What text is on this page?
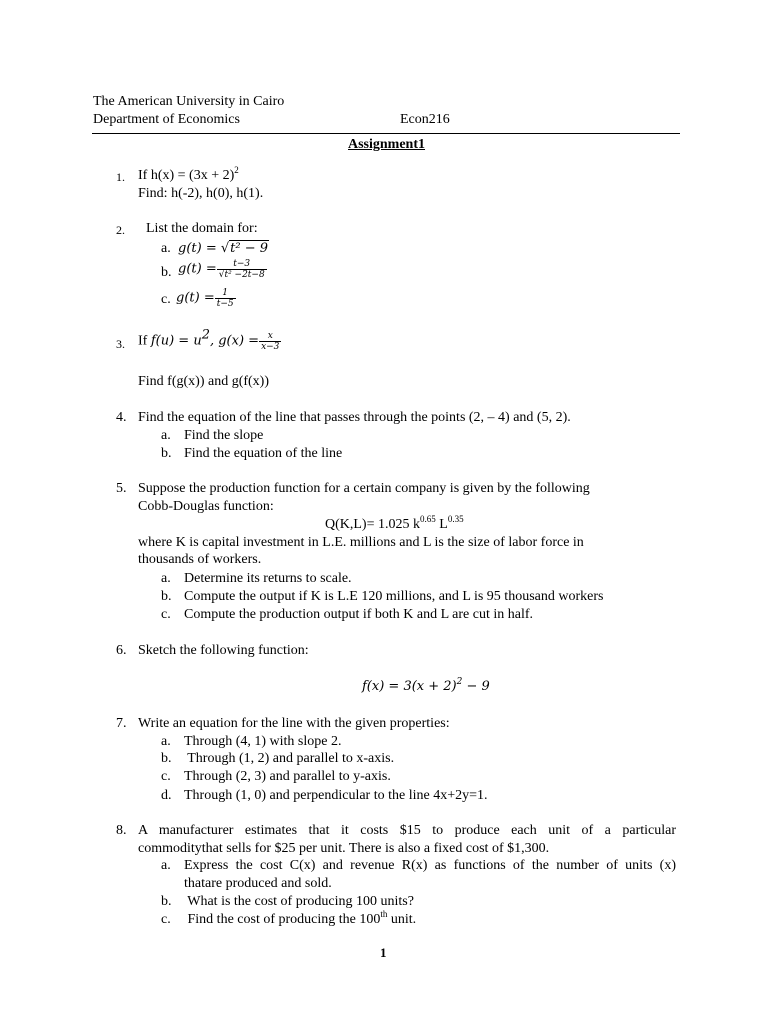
The American University in Cairo
Department of Economics	Econ216
Assignment1
1. If $h(x) = (3x + 2)^2$
Find: h(-2), h(0), h(1).
2. List the domain for:
a. g(t) = √t² − 9
b. $g(t) = \frac{t-3}{\text{√t² −2t−8}}$
c. $g(t) = \frac{1}{t-5}$
3. If $f(u) = u^2$, $g(x) = \frac{x}{x-3}$
Find f(g(x)) and g(f(x))
4. Find the equation of the line that passes through the points (2, – 4) and (5, 2).
a. Find the slope
b. Find the equation of the line
5. Suppose the production function for a certain company is given by the following
Cobb-Douglas function:
Q(K,L)= 1.025 $k^{0.65}$ $L^{0.35}$
where K is capital investment in L.E. millions and L is the size of labor force in
thousands of workers.
a. Determine its returns to scale.
b. Compute the output if K is L.E 120 millions, and L is 95 thousand workers
c. Compute the production output if both K and L are cut in half.
6. Sketch the following function:
$f(x) = 3(x + 2)^2 - 9$
7. Write an equation for the line with the given properties:
a. Through (4, 1) with slope 2.
b. Through (1, 2) and parallel to x-axis.
c. Through (2, 3) and parallel to y-axis.
d. Through (1, 0) and perpendicular to the line 4x+2y=1.
8. A manufacturer estimates that it costs $15 to produce each unit of a particular
commoditythat sells for $25 per unit. There is also a fixed cost of $1,300.
a. Express the cost C(x) and revenue R(x) as functions of the number of units (x)
thatare produced and sold.
b. What is the cost of producing 100 units?
c. Find the cost of producing the 100th unit.
1
